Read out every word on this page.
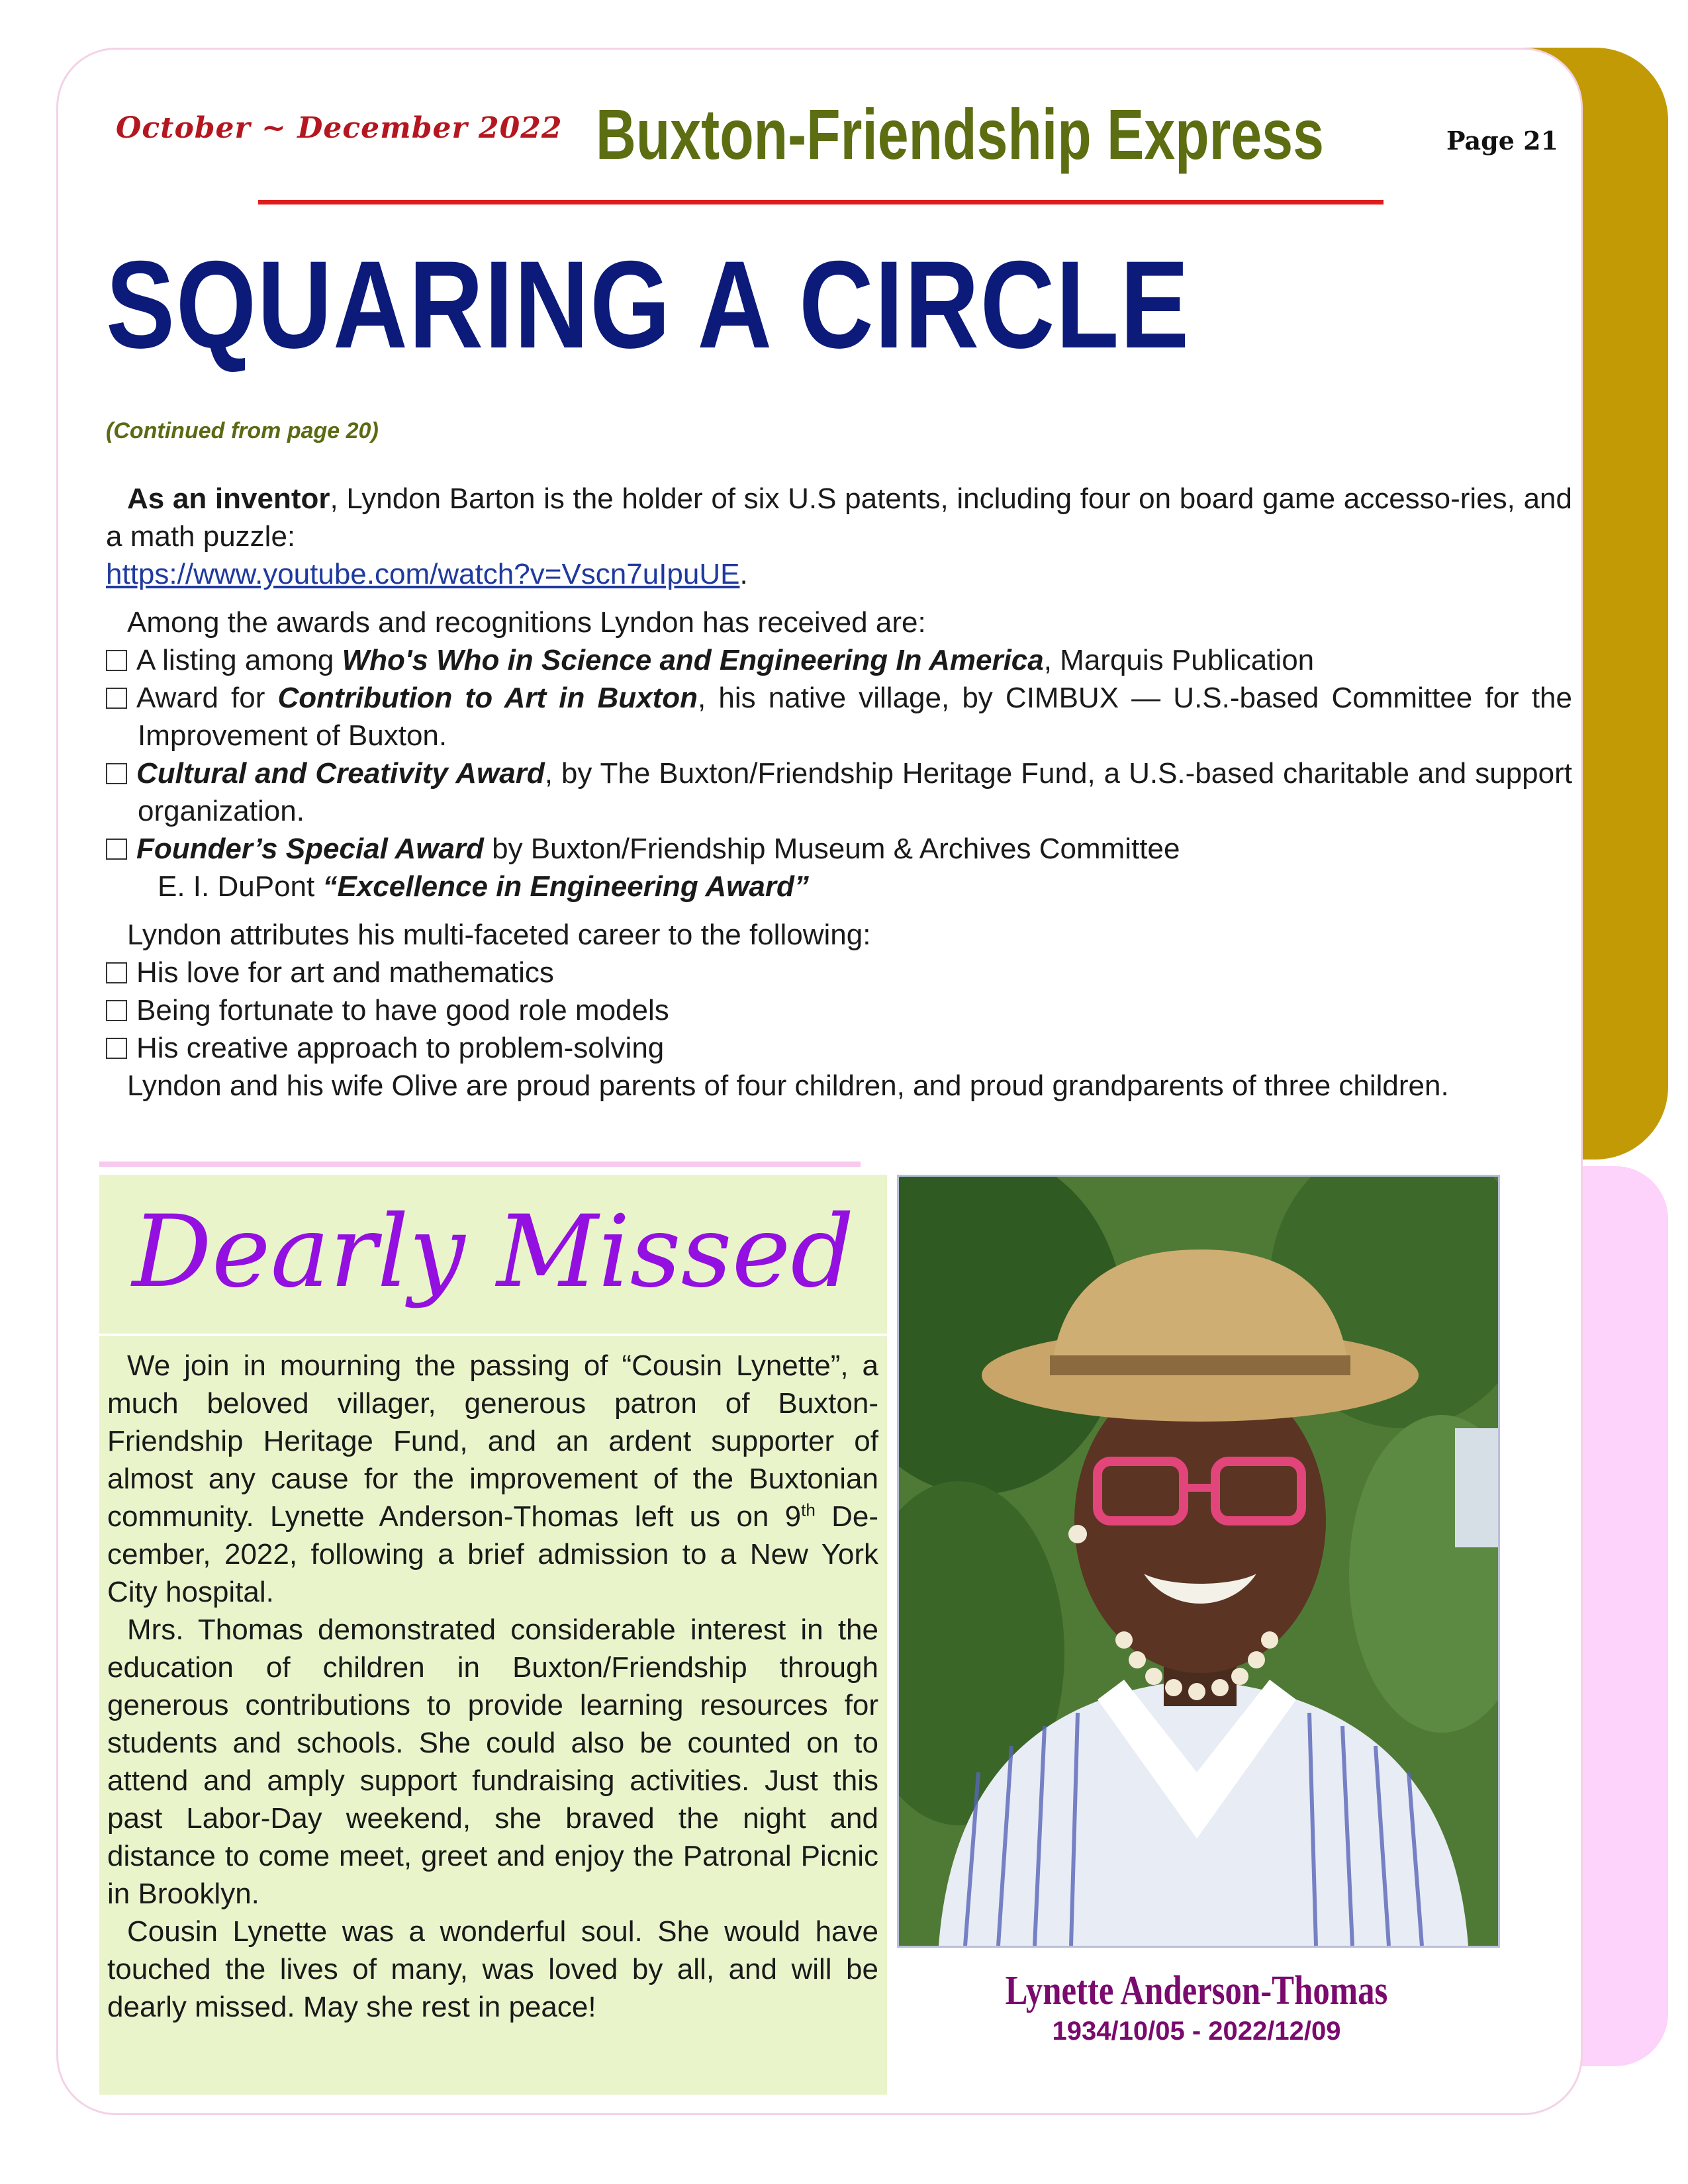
October ~ December 2022 Buxton-Friendship Express	Page 21
SQUARING A CIRCLE
(Continued from page 20)

As an inventor, Lyndon Barton is the holder of six U.S patents, including four on board game accesso-ries, and a math puzzle:

https://www.youtube.com/watch?v=Vscn7uIpuUE.

Among the awards and recognitions Lyndon has received are:

A listing among Who's Who in Science and Engineering In America, Marquis Publication

Award for Contribution to Art in Buxton, his native village, by CIMBUX — U.S.-based Committee for the Improvement of Buxton.

Cultural and Creativity Award, by The Buxton/Friendship Heritage Fund, a U.S.-based charitable and support organization.

Founder’s Special Award by Buxton/Friendship Museum & Archives Committee

E. I. DuPont “Excellence in Engineering Award”

Lyndon attributes his multi-faceted career to the following:

His love for art and mathematics

Being fortunate to have good role models

His creative approach to problem-solving

Lyndon and his wife Olive are proud parents of four children, and proud grandparents of three children.

Dearly Missed

We join in mourning the passing of “Cousin Lynette”, a much beloved villager, generous patron of Buxton-Friendship Heritage Fund, and an ardent supporter of almost any cause for the improvement of the Buxtonian community. Lynette Anderson-Thomas left us on 9th De-cember, 2022, following a brief admission to a New York City hospital.

Mrs. Thomas demonstrated considerable interest in the education of children in Buxton/Friendship through generous contributions to provide learning resources for students and schools. She could also be counted on to attend and amply support fundraising activities. Just this past Labor-Day weekend, she braved the night and distance to come meet, greet and enjoy the Patronal Picnic in Brooklyn.

Cousin Lynette was a wonderful soul. She would have touched the lives of many, was loved by all, and will be dearly missed. May she rest in peace!	Lynette Anderson-Thomas
1934/10/05 - 2022/12/09
